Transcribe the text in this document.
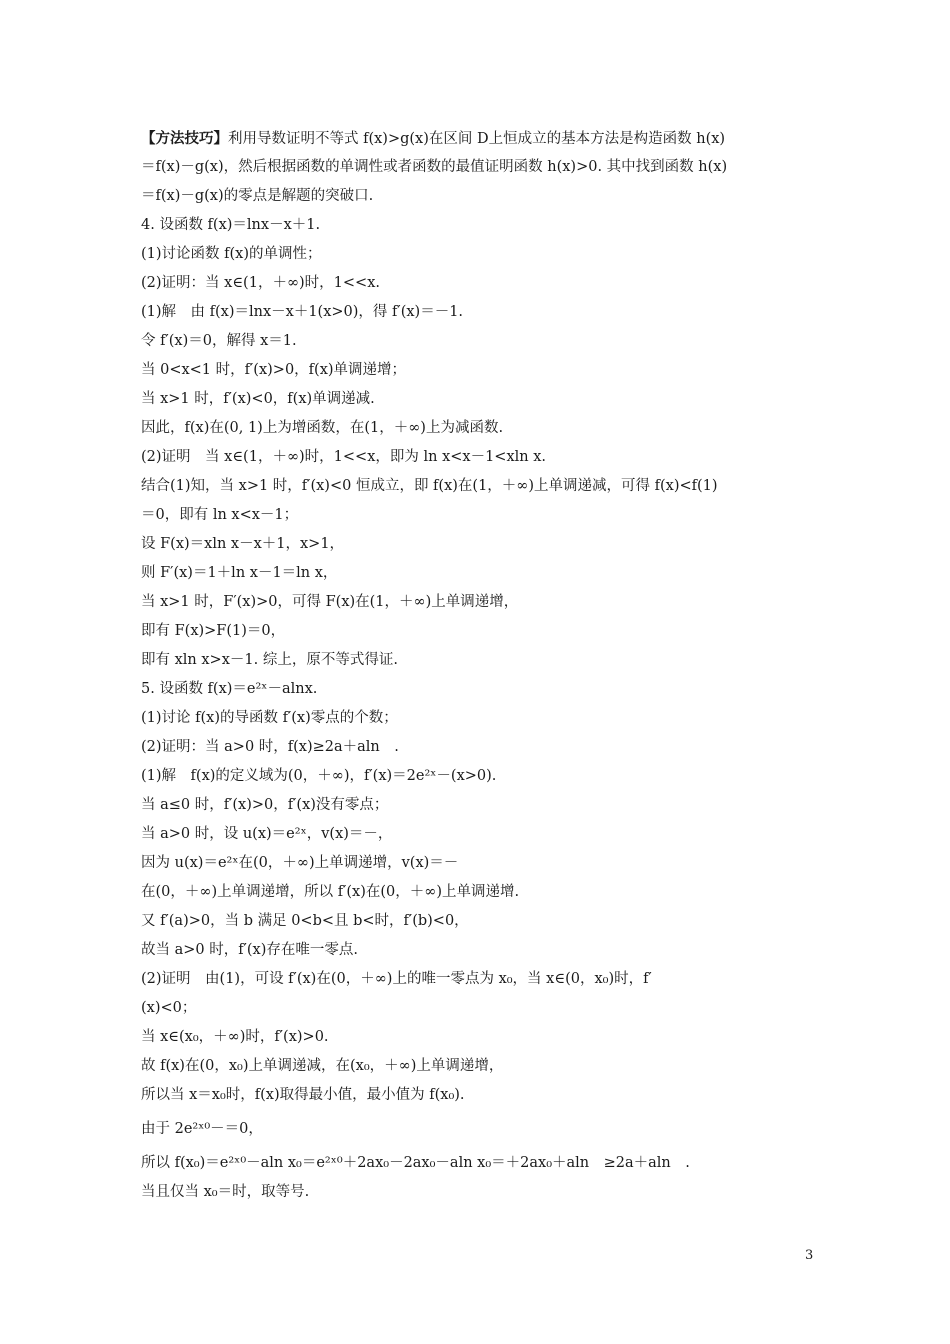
【方法技巧】利用导数证明不等式 f(x)>g(x)在区间 D上恒成立的基本方法是构造函数 h(x)
＝f(x)－g(x)，然后根据函数的单调性或者函数的最值证明函数 h(x)>0. 其中找到函数 h(x)
＝f(x)－g(x)的零点是解题的突破口.
4. 设函数 f(x)＝lnx－x＋1.
(1)讨论函数 f(x)的单调性；
(2)证明：当 x∈(1，＋∞)时，1<<x.
(1)解　由 f(x)＝lnx－x＋1(x>0)，得 f′(x)＝－1.
令 f′(x)＝0，解得 x＝1.
当 0<x<1 时，f′(x)>0，f(x)单调递增；
当 x>1 时，f′(x)<0，f(x)单调递减.
因此，f(x)在(0, 1)上为增函数，在(1，＋∞)上为减函数.
(2)证明　当 x∈(1，＋∞)时，1<<x，即为 ln x<x－1<xln x.
结合(1)知，当 x>1 时，f′(x)<0 恒成立，即 f(x)在(1，＋∞)上单调递减，可得 f(x)<f(1)
＝0，即有 ln x<x－1；
设 F(x)＝xln x－x＋1，x>1，
则 F′(x)＝1＋ln x－1＝ln x，
当 x>1 时，F′(x)>0，可得 F(x)在(1，＋∞)上单调递增，
即有 F(x)>F(1)＝0，
即有 xln x>x－1. 综上，原不等式得证.
5. 设函数 f(x)＝e²ˣ－alnx.
(1)讨论 f(x)的导函数 f′(x)零点的个数；
(2)证明：当 a>0 时，f(x)≥2a＋aln　.
(1)解　f(x)的定义域为(0，＋∞)，f′(x)＝2e²ˣ－(x>0).
当 a≤0 时，f′(x)>0，f′(x)没有零点；
当 a>0 时，设 u(x)＝e²ˣ，v(x)＝－，
因为 u(x)＝e²ˣ在(0，＋∞)上单调递增，v(x)＝－
在(0，＋∞)上单调递增，所以 f′(x)在(0，＋∞)上单调递增.
又 f′(a)>0，当 b 满足 0<b<且 b<时，f′(b)<0，
故当 a>0 时，f′(x)存在唯一零点.
(2)证明　由(1)，可设 f′(x)在(0，＋∞)上的唯一零点为 x₀，当 x∈(0，x₀)时，f′
(x)<0；
当 x∈(x₀，＋∞)时，f′(x)>0.
故 f(x)在(0，x₀)上单调递减，在(x₀，＋∞)上单调递增，
所以当 x＝x₀时，f(x)取得最小值，最小值为 f(x₀).
由于 2e²ˣ⁰－＝0，
所以 f(x₀)＝e²ˣ⁰－aln x₀＝e²ˣ⁰＋2ax₀－2ax₀－aln x₀＝＋2ax₀＋aln　≥2a＋aln　.
当且仅当 x₀＝时，取等号.
3
